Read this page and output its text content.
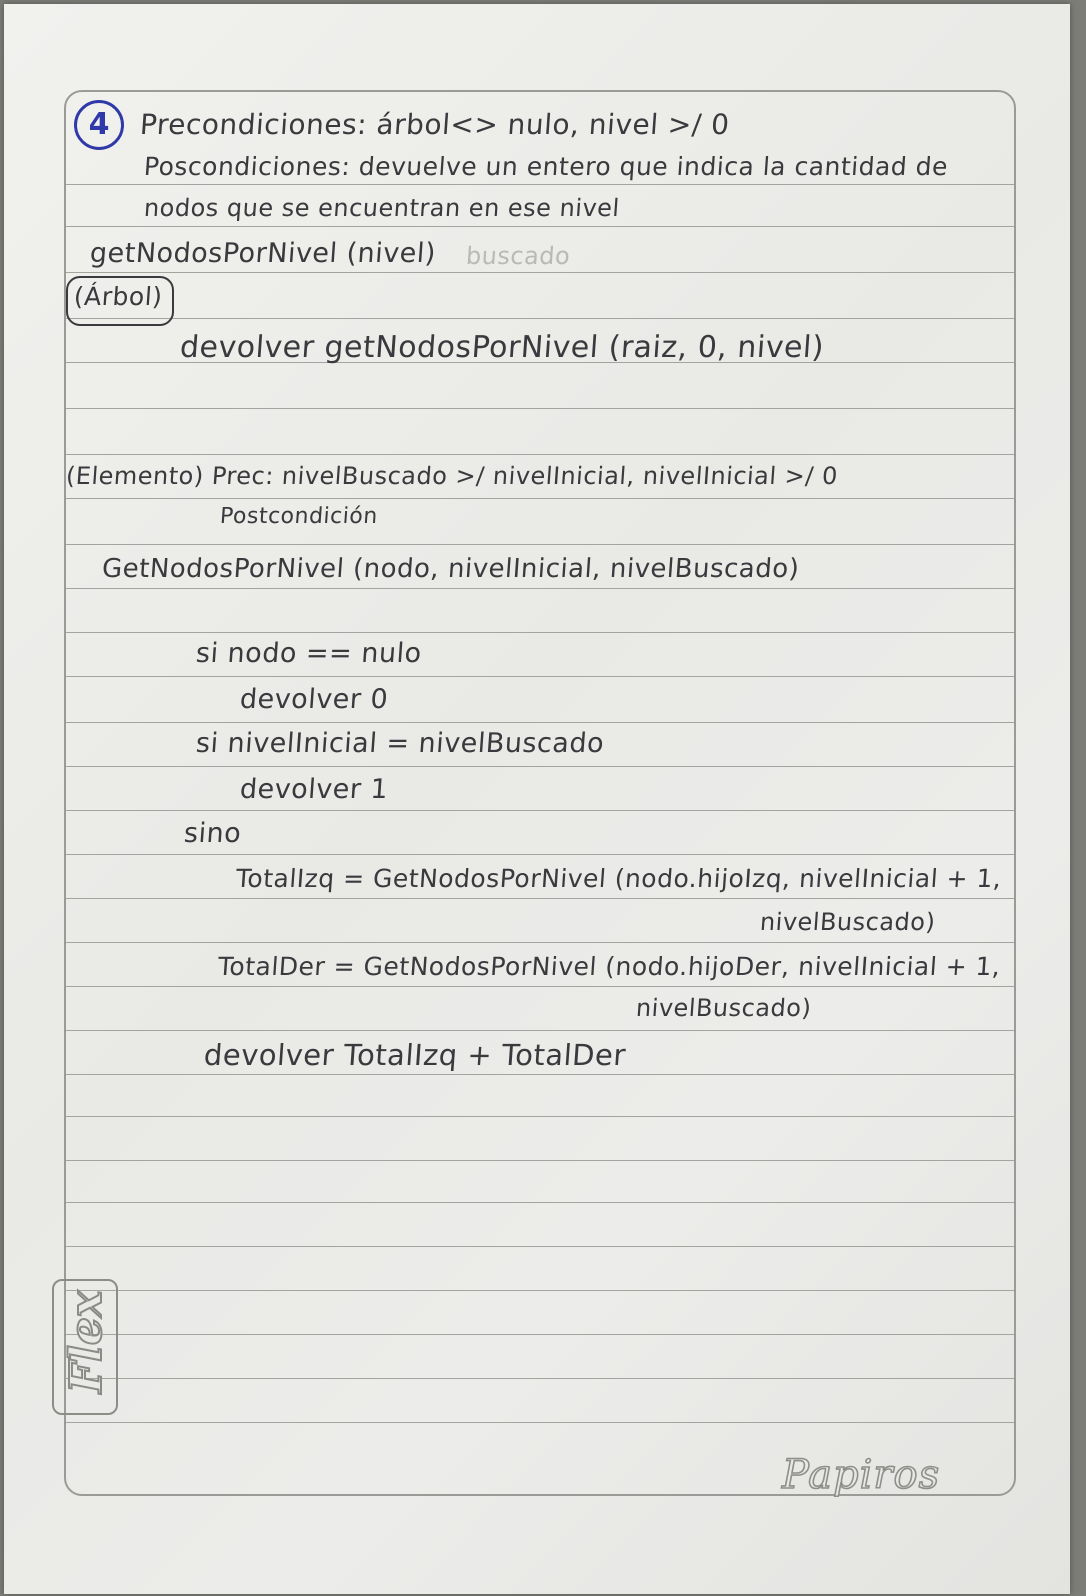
4	Precondiciones: árbol<> nulo, nivel >/ 0
Poscondiciones: devuelve un entero que indica la cantidad de
nodos que se encuentran en ese nivel
getNodosPorNivel (nivel) buscado
(Árbol)
devolver getNodosPorNivel (raiz, 0, nivel)
(Elemento) Prec: nivelBuscado >/ nivelInicial, nivelInicial >/ 0
Postcondición
GetNodosPorNivel (nodo, nivelInicial, nivelBuscado)
si nodo == nulo
devolver 0
si nivelInicial = nivelBuscado
devolver 1
sino
TotalIzq = GetNodosPorNivel (nodo.hijoIzq, nivelInicial + 1,
nivelBuscado)
TotalDer = GetNodosPorNivel (nodo.hijoDer, nivelInicial + 1,
nivelBuscado)
devolver TotalIzq + TotalDer
Flex
Papiros
